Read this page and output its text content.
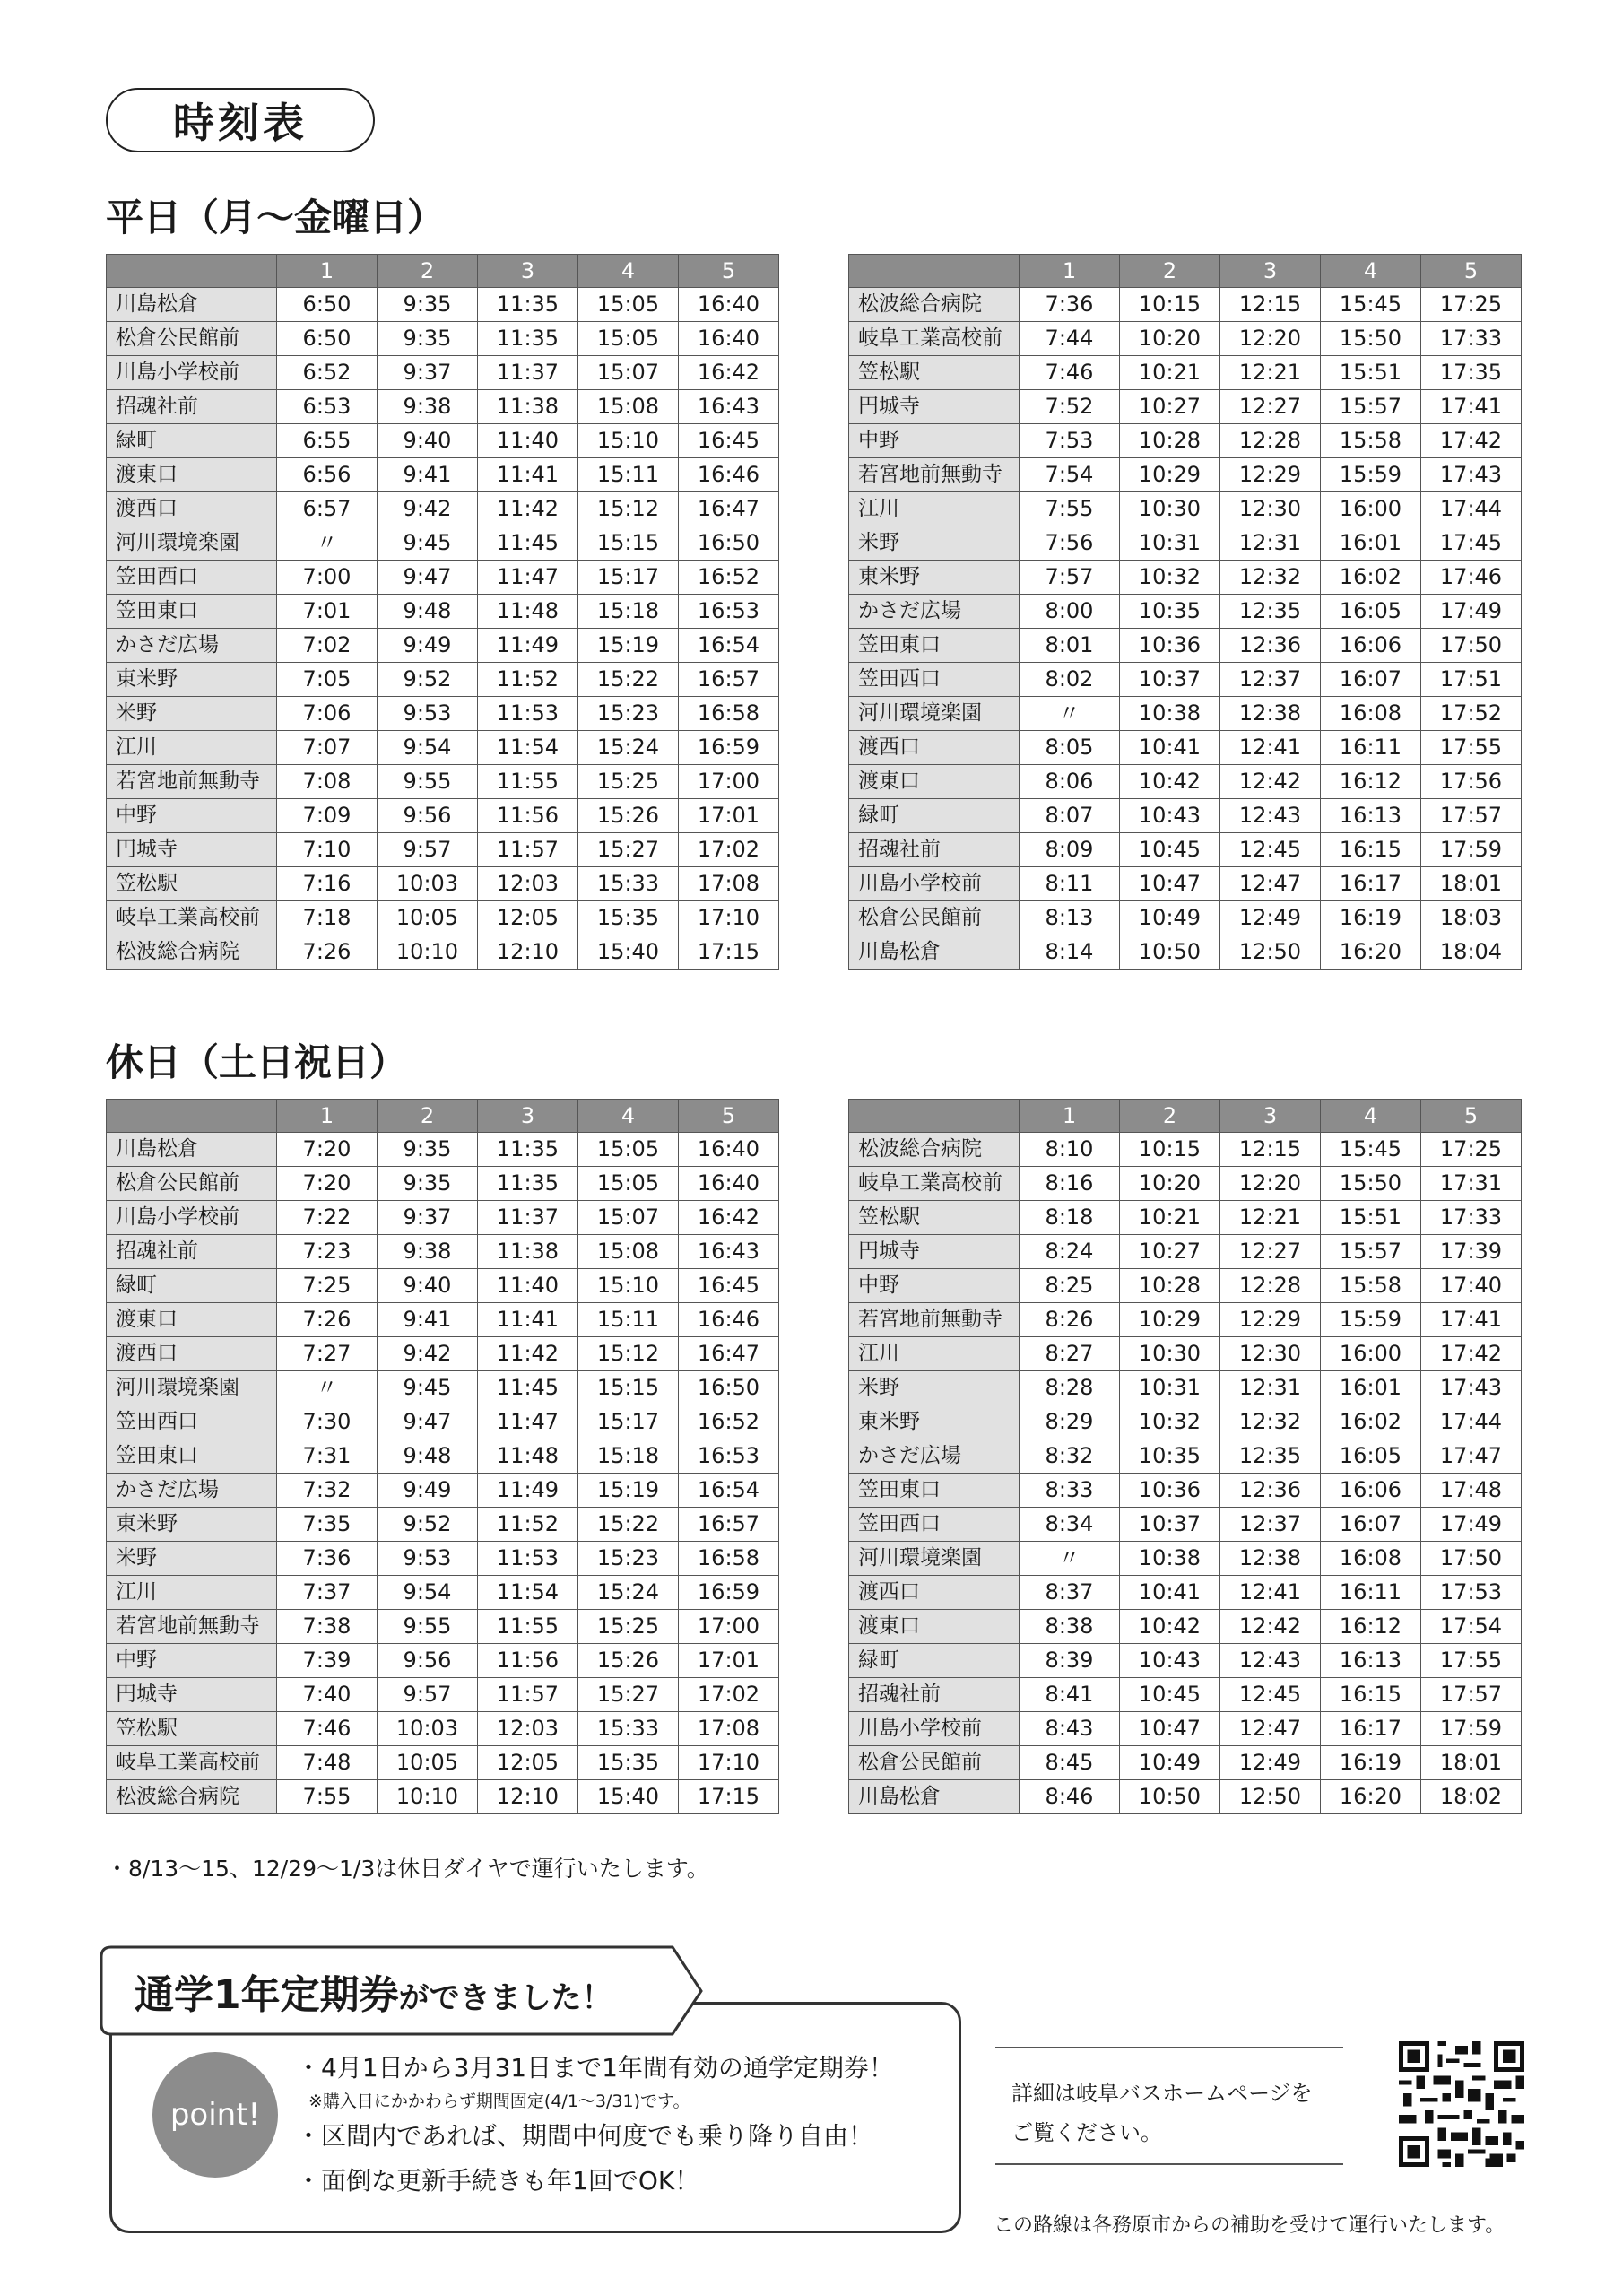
時刻表
平日（月～金曜日）
	1	2	3	4	5
川島松倉	6:50	9:35	11:35	15:05	16:40
松倉公民館前	6:50	9:35	11:35	15:05	16:40
川島小学校前	6:52	9:37	11:37	15:07	16:42
招魂社前	6:53	9:38	11:38	15:08	16:43
緑町	6:55	9:40	11:40	15:10	16:45
渡東口	6:56	9:41	11:41	15:11	16:46
渡西口	6:57	9:42	11:42	15:12	16:47
河川環境楽園	〃	9:45	11:45	15:15	16:50
笠田西口	7:00	9:47	11:47	15:17	16:52
笠田東口	7:01	9:48	11:48	15:18	16:53
かさだ広場	7:02	9:49	11:49	15:19	16:54
東米野	7:05	9:52	11:52	15:22	16:57
米野	7:06	9:53	11:53	15:23	16:58
江川	7:07	9:54	11:54	15:24	16:59
若宮地前無動寺	7:08	9:55	11:55	15:25	17:00
中野	7:09	9:56	11:56	15:26	17:01
円城寺	7:10	9:57	11:57	15:27	17:02
笠松駅	7:16	10:03	12:03	15:33	17:08
岐阜工業高校前	7:18	10:05	12:05	15:35	17:10
松波総合病院	7:26	10:10	12:10	15:40	17:15
	1	2	3	4	5
松波総合病院	7:36	10:15	12:15	15:45	17:25
岐阜工業高校前	7:44	10:20	12:20	15:50	17:33
笠松駅	7:46	10:21	12:21	15:51	17:35
円城寺	7:52	10:27	12:27	15:57	17:41
中野	7:53	10:28	12:28	15:58	17:42
若宮地前無動寺	7:54	10:29	12:29	15:59	17:43
江川	7:55	10:30	12:30	16:00	17:44
米野	7:56	10:31	12:31	16:01	17:45
東米野	7:57	10:32	12:32	16:02	17:46
かさだ広場	8:00	10:35	12:35	16:05	17:49
笠田東口	8:01	10:36	12:36	16:06	17:50
笠田西口	8:02	10:37	12:37	16:07	17:51
河川環境楽園	〃	10:38	12:38	16:08	17:52
渡西口	8:05	10:41	12:41	16:11	17:55
渡東口	8:06	10:42	12:42	16:12	17:56
緑町	8:07	10:43	12:43	16:13	17:57
招魂社前	8:09	10:45	12:45	16:15	17:59
川島小学校前	8:11	10:47	12:47	16:17	18:01
松倉公民館前	8:13	10:49	12:49	16:19	18:03
川島松倉	8:14	10:50	12:50	16:20	18:04
休日（土日祝日）
	1	2	3	4	5
川島松倉	7:20	9:35	11:35	15:05	16:40
松倉公民館前	7:20	9:35	11:35	15:05	16:40
川島小学校前	7:22	9:37	11:37	15:07	16:42
招魂社前	7:23	9:38	11:38	15:08	16:43
緑町	7:25	9:40	11:40	15:10	16:45
渡東口	7:26	9:41	11:41	15:11	16:46
渡西口	7:27	9:42	11:42	15:12	16:47
河川環境楽園	〃	9:45	11:45	15:15	16:50
笠田西口	7:30	9:47	11:47	15:17	16:52
笠田東口	7:31	9:48	11:48	15:18	16:53
かさだ広場	7:32	9:49	11:49	15:19	16:54
東米野	7:35	9:52	11:52	15:22	16:57
米野	7:36	9:53	11:53	15:23	16:58
江川	7:37	9:54	11:54	15:24	16:59
若宮地前無動寺	7:38	9:55	11:55	15:25	17:00
中野	7:39	9:56	11:56	15:26	17:01
円城寺	7:40	9:57	11:57	15:27	17:02
笠松駅	7:46	10:03	12:03	15:33	17:08
岐阜工業高校前	7:48	10:05	12:05	15:35	17:10
松波総合病院	7:55	10:10	12:10	15:40	17:15
	1	2	3	4	5
松波総合病院	8:10	10:15	12:15	15:45	17:25
岐阜工業高校前	8:16	10:20	12:20	15:50	17:31
笠松駅	8:18	10:21	12:21	15:51	17:33
円城寺	8:24	10:27	12:27	15:57	17:39
中野	8:25	10:28	12:28	15:58	17:40
若宮地前無動寺	8:26	10:29	12:29	15:59	17:41
江川	8:27	10:30	12:30	16:00	17:42
米野	8:28	10:31	12:31	16:01	17:43
東米野	8:29	10:32	12:32	16:02	17:44
かさだ広場	8:32	10:35	12:35	16:05	17:47
笠田東口	8:33	10:36	12:36	16:06	17:48
笠田西口	8:34	10:37	12:37	16:07	17:49
河川環境楽園	〃	10:38	12:38	16:08	17:50
渡西口	8:37	10:41	12:41	16:11	17:53
渡東口	8:38	10:42	12:42	16:12	17:54
緑町	8:39	10:43	12:43	16:13	17:55
招魂社前	8:41	10:45	12:45	16:15	17:57
川島小学校前	8:43	10:47	12:47	16:17	17:59
松倉公民館前	8:45	10:49	12:49	16:19	18:01
川島松倉	8:46	10:50	12:50	16:20	18:02
・8/13～15、12/29～1/3は休日ダイヤで運行いたします。
通学1年定期券ができました！
point!
・4月1日から3月31日まで1年間有効の通学定期券！
※購入日にかかわらず期間固定(4/1～3/31)です。
・区間内であれば、期間中何度でも乗り降り自由！
・面倒な更新手続きも年1回でOK！
詳細は岐阜バスホームページを
ご覧ください。
この路線は各務原市からの補助を受けて運行いたします。
